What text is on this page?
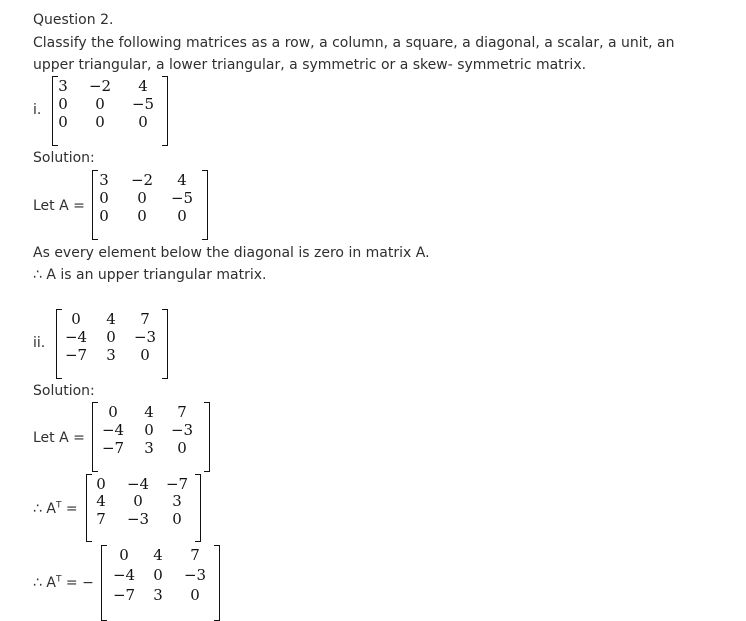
Question 2.
Classify the following matrices as a row, a column, a square, a diagonal, a scalar, a unit, an upper triangular, a lower triangular, a symmetric or a skew- symmetric matrix.
i.
3 −2 4
0 0 −5
0 0 0
Solution:
Let A =
3 −2 4
0 0 −5
0 0 0
As every element below the diagonal is zero in matrix A.
∴ A is an upper triangular matrix.
ii.
0 4 7
−4 0 −3
−7 3 0
Solution:
Let A =
0 4 7
−4 0 −3
−7 3 0
∴ $A^T$ =
0 −4 −7
4 0 3
7 −3 0
∴ $A^T$ = −
0 4 7
−4 0 −3
−7 3 0
